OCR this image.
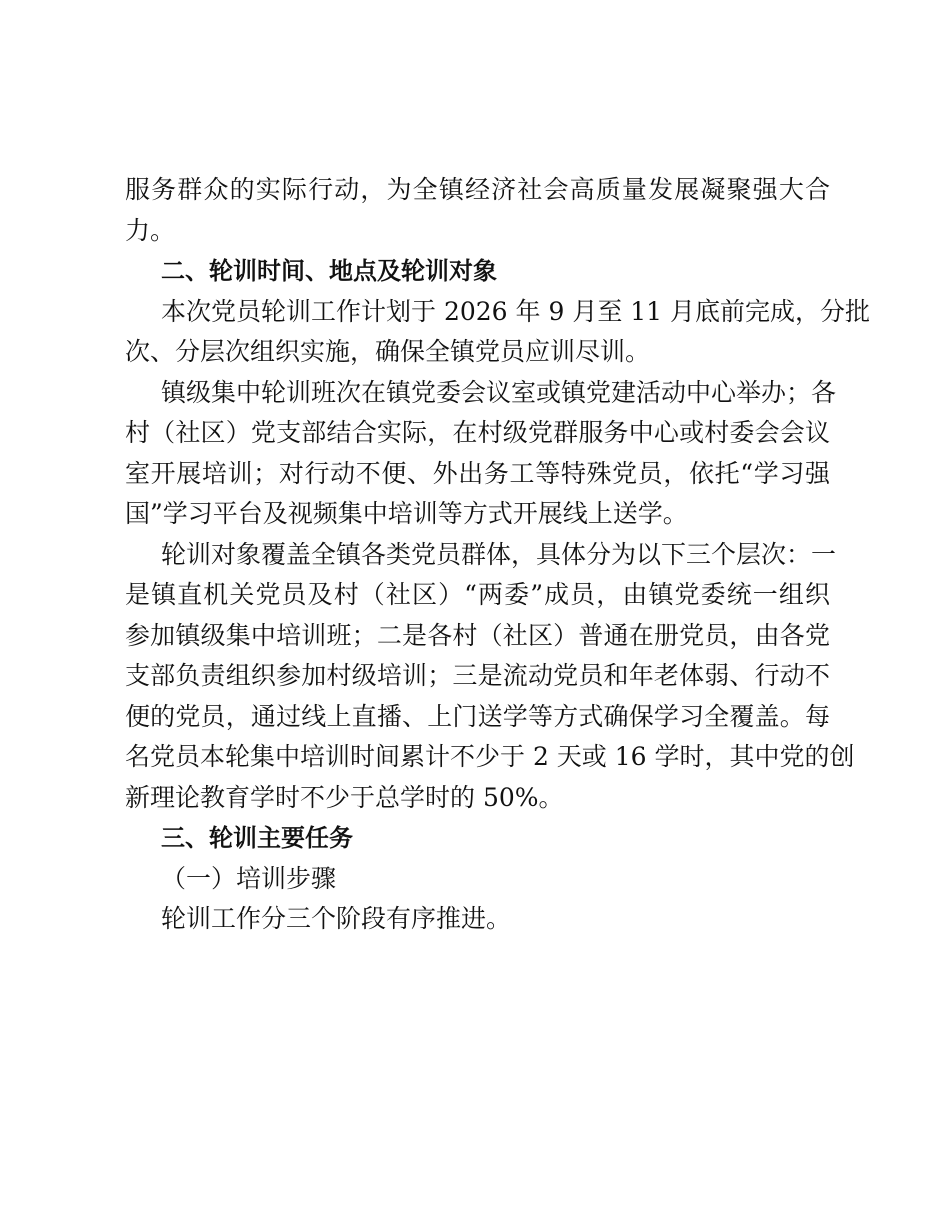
服务群众的实际行动，为全镇经济社会高质量发展凝聚强大合
力。
二、轮训时间、地点及轮训对象
本次党员轮训工作计划于 2026 年 9 月至 11 月底前完成，分批
次、分层次组织实施，确保全镇党员应训尽训。
镇级集中轮训班次在镇党委会议室或镇党建活动中心举办；各
村（社区）党支部结合实际，在村级党群服务中心或村委会会议
室开展培训；对行动不便、外出务工等特殊党员，依托“学习强
国”学习平台及视频集中培训等方式开展线上送学。
轮训对象覆盖全镇各类党员群体，具体分为以下三个层次：一
是镇直机关党员及村（社区）“两委”成员，由镇党委统一组织
参加镇级集中培训班；二是各村（社区）普通在册党员，由各党
支部负责组织参加村级培训；三是流动党员和年老体弱、行动不
便的党员，通过线上直播、上门送学等方式确保学习全覆盖。每
名党员本轮集中培训时间累计不少于 2 天或 16 学时，其中党的创
新理论教育学时不少于总学时的 50%。
三、轮训主要任务
（一）培训步骤
轮训工作分三个阶段有序推进。
